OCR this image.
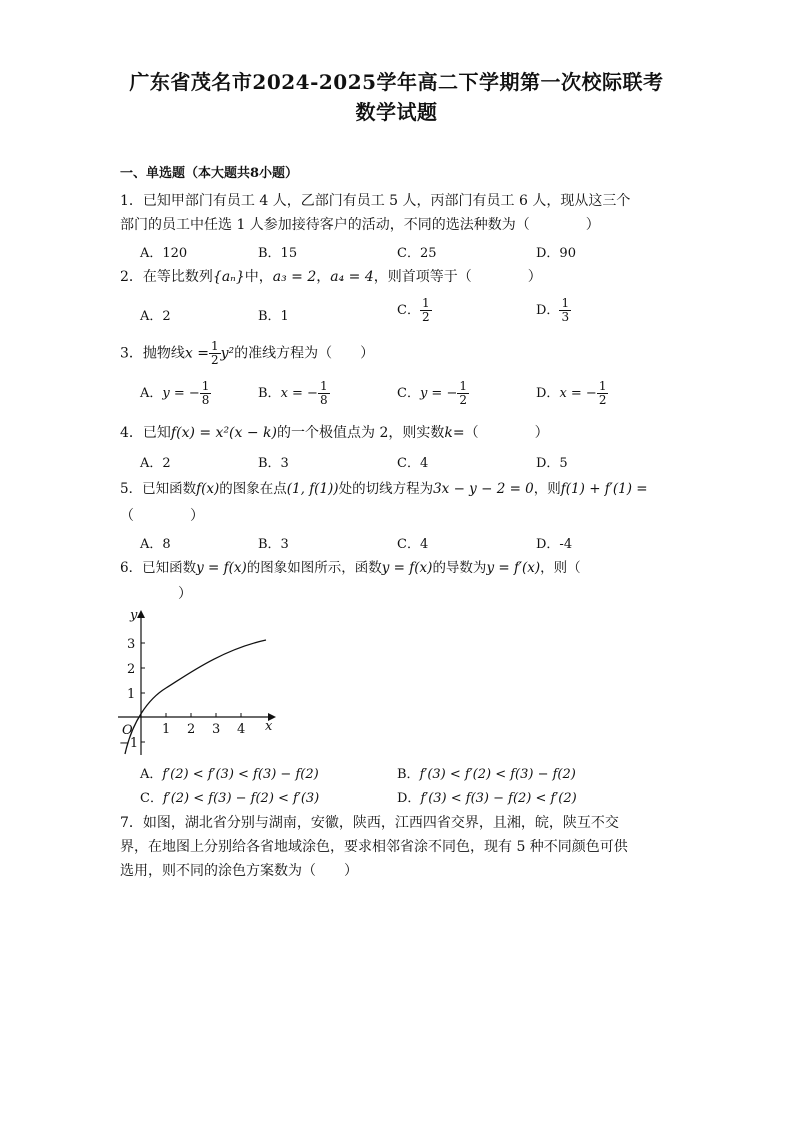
广东省茂名市2024-2025学年高二下学期第一次校际联考
数学试题
一、单选题（本大题共8小题）
1．已知甲部门有员工 4 人，乙部门有员工 5 人，丙部门有员工 6 人，现从这三个
部门的员工中任选 1 人参加接待客户的活动，不同的选法种数为（　　　　）
A．120	B．15	C．25	D．90
2．在等比数列{aₙ}中，a₃ = 2，a₄ = 4，则首项等于（　　　　）
A．2	B．1	C． $\frac{1}{2}$	D． $\frac{1}{3}$
3．抛物线$x = \frac{1}{2} y^2$的准线方程为（　　）
A．y = − $\frac{1}{8}$	B．x = − $\frac{1}{8}$	C．y = − $\frac{1}{2}$	D．x = − $\frac{1}{2}$
4．已知f(x) = x²(x − k)的一个极值点为 2，则实数k=（　　　　）
A．2	B．3	C．4	D．5
5．已知函数f(x)的图象在点(1, f(1))处的切线方程为3x − y − 2 = 0，则f(1) + f′(1) =
（　　　　）
A．8	B．3	C．4	D．-4
6．已知函数y = f(x)的图象如图所示，函数y = f(x)的导数为y = f′(x)，则（
）
y
x
O
3
2
1
−1
1 2 3 4
A．f′(2) < f′(3) < f(3) − f(2)	B．f′(3) < f′(2) < f(3) − f(2)
C．f′(2) < f(3) − f(2) < f′(3)	D．f′(3) < f(3) − f(2) < f′(2)
7．如图，湖北省分别与湖南，安徽，陕西，江西四省交界，且湘，皖，陕互不交
界，在地图上分别给各省地域涂色，要求相邻省涂不同色，现有 5 种不同颜色可供
选用，则不同的涂色方案数为（　　）
